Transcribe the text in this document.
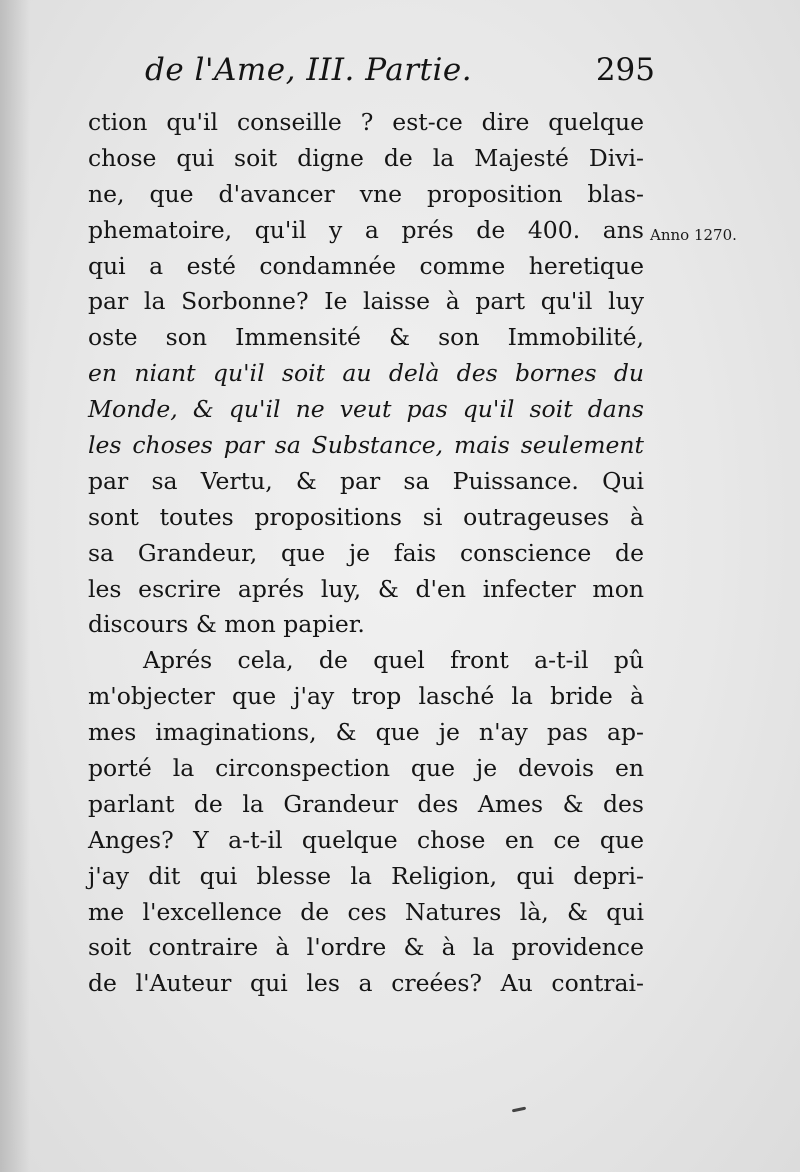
de l'Ame, III. Partie.	295
Anno 1270.
ction qu'il conseille ? est-ce dire quelque
chose qui soit digne de la Majesté Divi-
ne, que d'avancer vne proposition blas-
phematoire, qu'il y a prés de 400. ans
qui a esté condamnée comme heretique
par la Sorbonne? Ie laisse à part qu'il luy
oste son Immensité & son Immobilité,
en niant qu'il soit au delà des bornes du
Monde, & qu'il ne veut pas qu'il soit dans
les choses par sa Substance, mais seulement
par sa Vertu, & par sa Puissance. Qui
sont toutes propositions si outrageuses à
sa Grandeur, que je fais conscience de
les escrire aprés luy, & d'en infecter mon
discours & mon papier.
Aprés cela, de quel front a-t-il pû
m'objecter que j'ay trop lasché la bride à
mes imaginations, & que je n'ay pas ap-
porté la circonspection que je devois en
parlant de la Grandeur des Ames & des
Anges? Y a-t-il quelque chose en ce que
j'ay dit qui blesse la Religion, qui depri-
me l'excellence de ces Natures là, & qui
soit contraire à l'ordre & à la providence
de l'Auteur qui les a creées? Au contrai-
